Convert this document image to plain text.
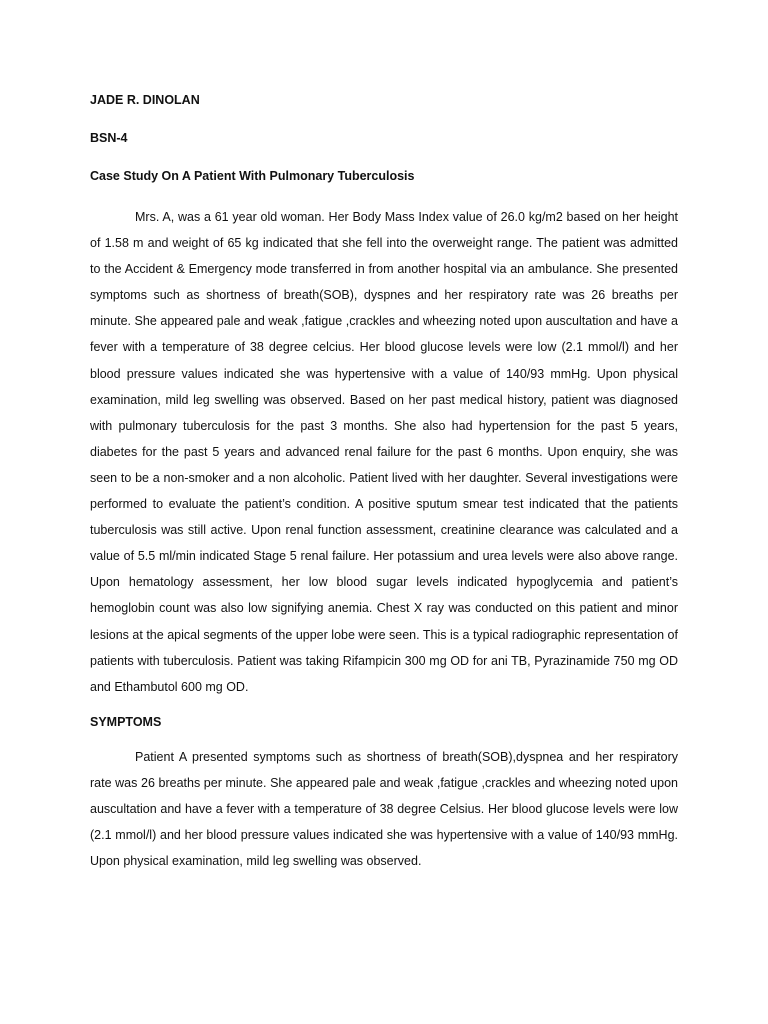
JADE R. DINOLAN

BSN-4

Case Study On A Patient With Pulmonary Tuberculosis

Mrs. A, was a 61 year old woman. Her Body Mass Index value of 26.0 kg/m2 based on her height of 1.58 m and weight of 65 kg indicated that she fell into the overweight range. The patient was admitted to the Accident & Emergency mode transferred in from another hospital via an ambulance. She presented symptoms such as shortness of breath(SOB), dyspnes and her respiratory rate was 26 breaths per minute. She appeared pale and weak ,fatigue ,crackles and wheezing noted upon auscultation and have a fever with a temperature of 38 degree celcius. Her blood glucose levels were low (2.1 mmol/l) and her blood pressure values indicated she was hypertensive with a value of 140/93 mmHg. Upon physical examination, mild leg swelling was observed. Based on her past medical history, patient was diagnosed with pulmonary tuberculosis for the past 3 months. She also had hypertension for the past 5 years, diabetes for the past 5 years and advanced renal failure for the past 6 months. Upon enquiry, she was seen to be a non-smoker and a non alcoholic. Patient lived with her daughter. Several investigations were performed to evaluate the patient’s condition. A positive sputum smear test indicated that the patients tuberculosis was still active. Upon renal function assessment, creatinine clearance was calculated and a value of 5.5 ml/min indicated Stage 5 renal failure. Her potassium and urea levels were also above range. Upon hematology assessment, her low blood sugar levels indicated hypoglycemia and patient’s hemoglobin count was also low signifying anemia. Chest X ray was conducted on this patient and minor lesions at the apical segments of the upper lobe were seen. This is a typical radiographic representation of patients with tuberculosis. Patient was taking Rifampicin 300 mg OD for ani TB, Pyrazinamide 750 mg OD and Ethambutol 600 mg OD.

SYMPTOMS

Patient A presented symptoms such as shortness of breath(SOB),dyspnea and her respiratory rate was 26 breaths per minute. She appeared pale and weak ,fatigue ,crackles and wheezing noted upon auscultation and have a fever with a temperature of 38 degree Celsius. Her blood glucose levels were low (2.1 mmol/l) and her blood pressure values indicated she was hypertensive with a value of 140/93 mmHg. Upon physical examination, mild leg swelling was observed.
